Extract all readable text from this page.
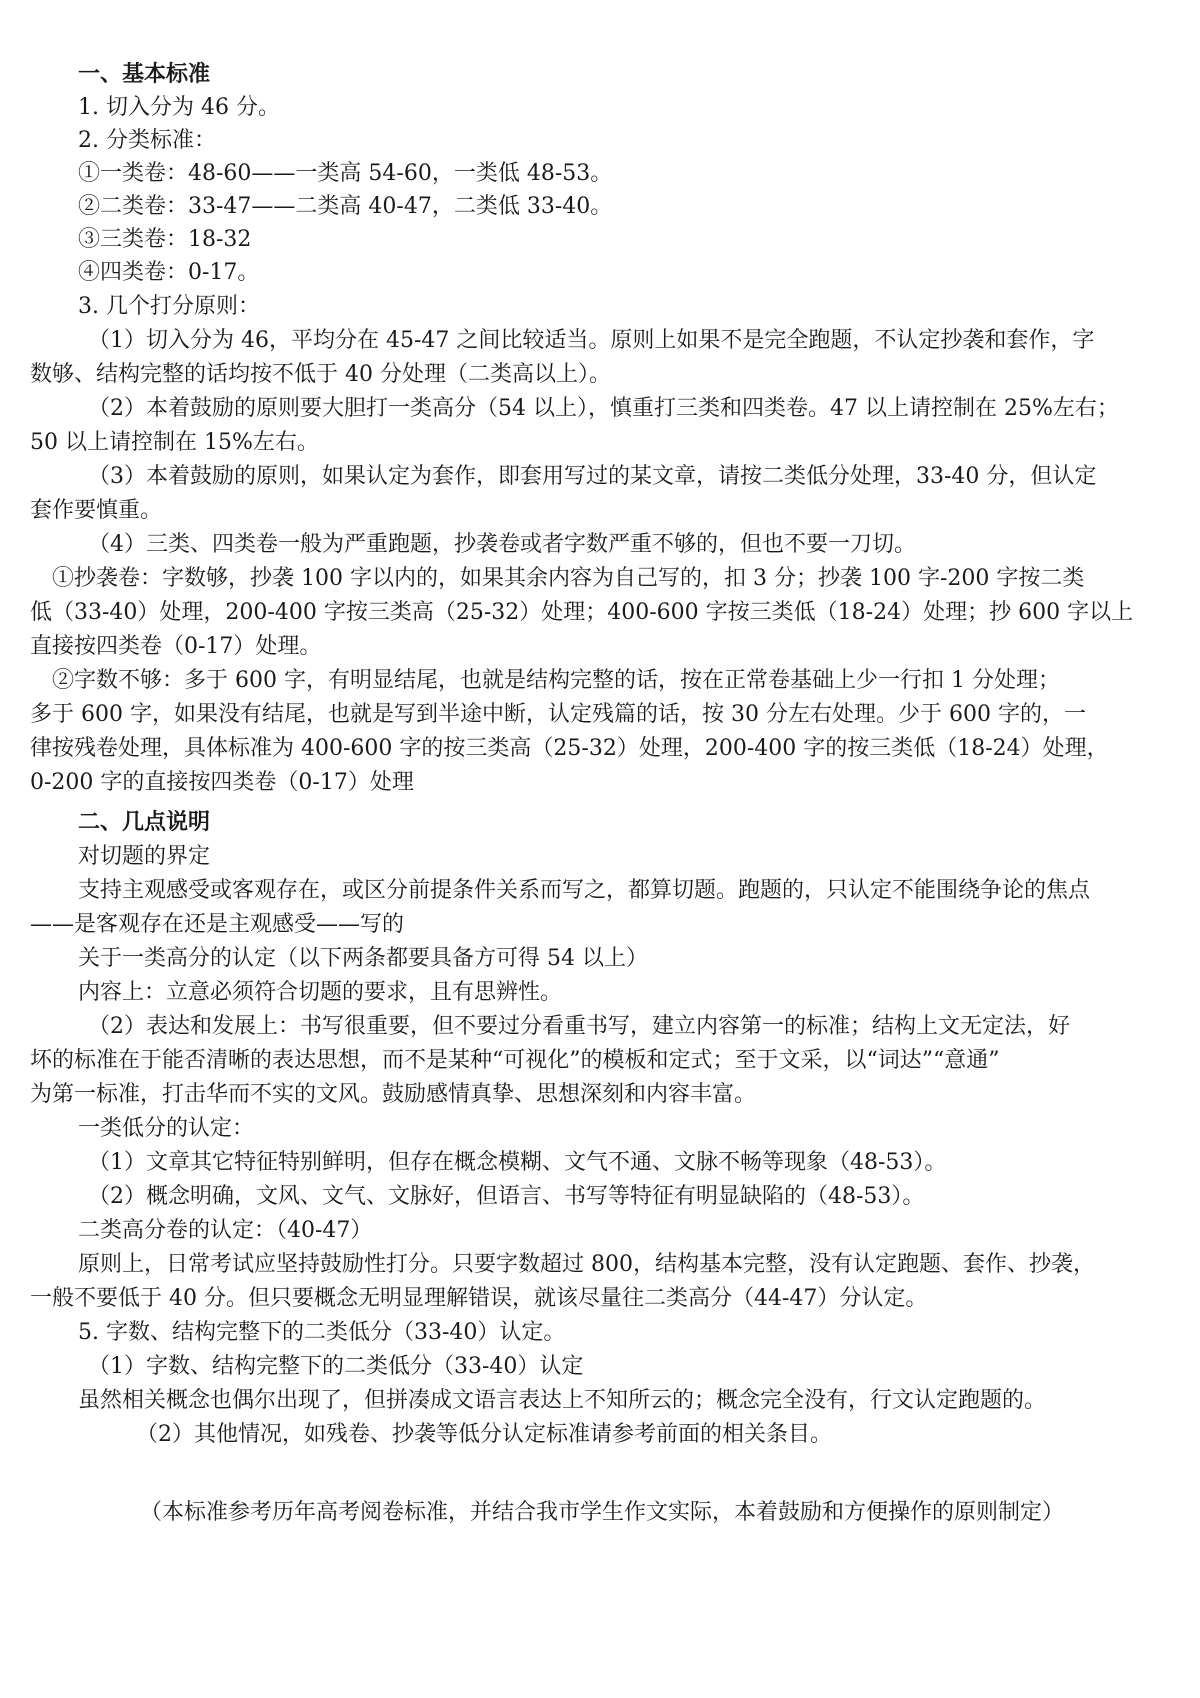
一、基本标准
1. 切入分为 46 分。
2. 分类标准：
①一类卷：48-60——一类高 54-60，一类低 48-53。
②二类卷：33-47——二类高 40-47，二类低 33-40。
③三类卷：18-32
④四类卷：0-17。
3. 几个打分原则：
（1）切入分为 46，平均分在 45-47 之间比较适当。原则上如果不是完全跑题，不认定抄袭和套作，字
数够、结构完整的话均按不低于 40 分处理（二类高以上）。
（2）本着鼓励的原则要大胆打一类高分（54 以上），慎重打三类和四类卷。47 以上请控制在 25%左右；
50 以上请控制在 15%左右。
（3）本着鼓励的原则，如果认定为套作，即套用写过的某文章，请按二类低分处理，33-40 分，但认定
套作要慎重。
（4）三类、四类卷一般为严重跑题，抄袭卷或者字数严重不够的，但也不要一刀切。
①抄袭卷：字数够，抄袭 100 字以内的，如果其余内容为自己写的，扣 3 分；抄袭 100 字-200 字按二类
低（33-40）处理，200-400 字按三类高（25-32）处理；400-600 字按三类低（18-24）处理；抄 600 字以上
直接按四类卷（0-17）处理。
②字数不够：多于 600 字，有明显结尾，也就是结构完整的话，按在正常卷基础上少一行扣 1 分处理；
多于 600 字，如果没有结尾，也就是写到半途中断，认定残篇的话，按 30 分左右处理。少于 600 字的，一
律按残卷处理，具体标准为 400-600 字的按三类高（25-32）处理，200-400 字的按三类低（18-24）处理，
0-200 字的直接按四类卷（0-17）处理
二、几点说明
对切题的界定
支持主观感受或客观存在，或区分前提条件关系而写之，都算切题。跑题的，只认定不能围绕争论的焦点
——是客观存在还是主观感受——写的
关于一类高分的认定（以下两条都要具备方可得 54 以上）
内容上：立意必须符合切题的要求，且有思辨性。
（2）表达和发展上：书写很重要，但不要过分看重书写，建立内容第一的标准；结构上文无定法，好
坏的标准在于能否清晰的表达思想，而不是某种“可视化”的模板和定式；至于文采，以“词达”“意通”
为第一标准，打击华而不实的文风。鼓励感情真挚、思想深刻和内容丰富。
一类低分的认定：
（1）文章其它特征特别鲜明，但存在概念模糊、文气不通、文脉不畅等现象（48-53）。
（2）概念明确，文风、文气、文脉好，但语言、书写等特征有明显缺陷的（48-53）。
二类高分卷的认定：（40-47）
原则上，日常考试应坚持鼓励性打分。只要字数超过 800，结构基本完整，没有认定跑题、套作、抄袭，
一般不要低于 40 分。但只要概念无明显理解错误，就该尽量往二类高分（44-47）分认定。
5. 字数、结构完整下的二类低分（33-40）认定。
（1）字数、结构完整下的二类低分（33-40）认定
虽然相关概念也偶尔出现了，但拼凑成文语言表达上不知所云的；概念完全没有，行文认定跑题的。
（2）其他情况，如残卷、抄袭等低分认定标准请参考前面的相关条目。
（本标准参考历年高考阅卷标准，并结合我市学生作文实际，本着鼓励和方便操作的原则制定）
